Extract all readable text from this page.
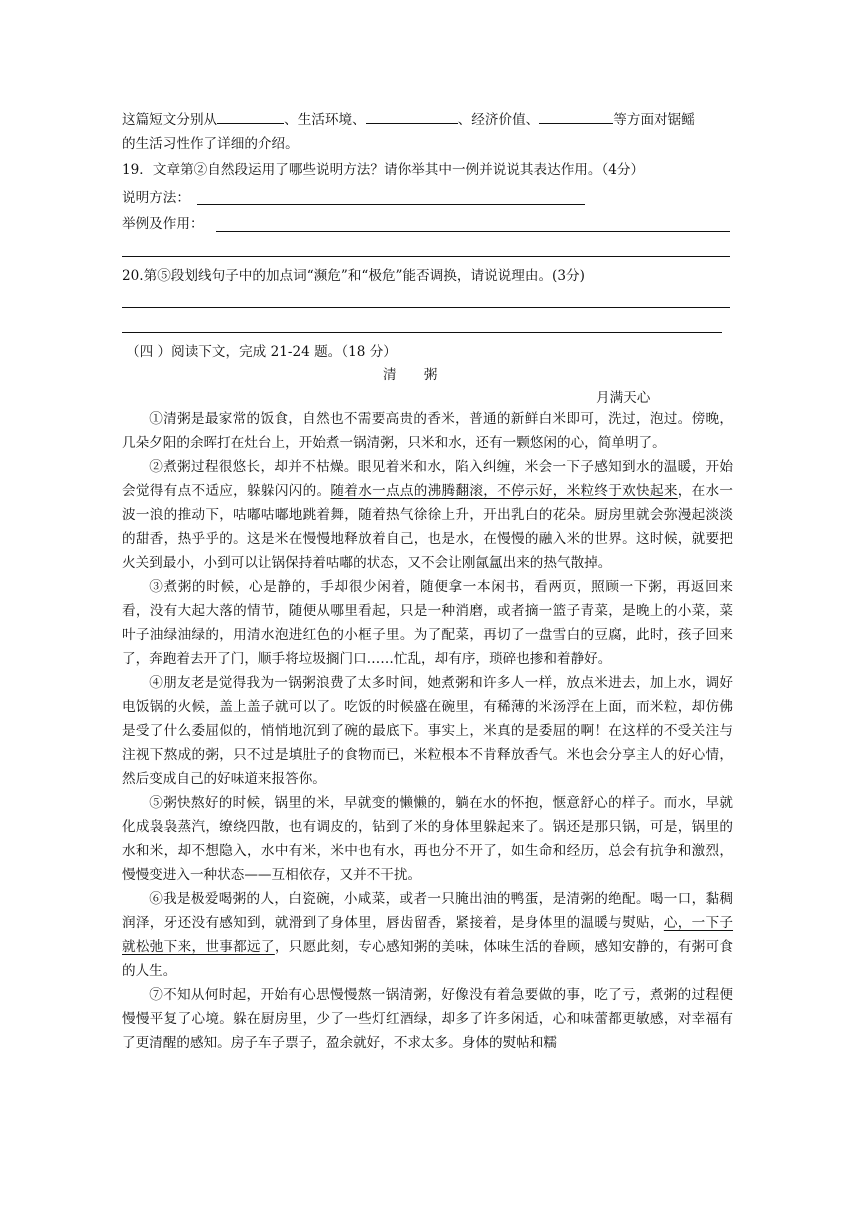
这篇短文分别从	、生活环境、	、经济价值、	等方面对锯鳐
的生活习性作了详细的介绍。
19．文章第②自然段运用了哪些说明方法？请你举其中一例并说说其表达作用。（4分）
说明方法：
举例及作用：
20.第⑤段划线句子中的加点词“濒危”和“极危”能否调换，请说说理由。(3分)
（四 ）阅读下文，完成 21-24 题。（18 分）
清　　粥
月满天心

①清粥是最家常的饭食，自然也不需要高贵的香米，普通的新鲜白米即可，洗过，泡过。傍晚，几朵夕阳的余晖打在灶台上，开始煮一锅清粥，只米和水，还有一颗悠闲的心，简单明了。

②煮粥过程很悠长，却并不枯燥。眼见着米和水，陷入纠缠，米会一下子感知到水的温暖，开始会觉得有点不适应，躲躲闪闪的。随着水一点点的沸腾翻滚，不停示好，米粒终于欢快起来，在水一波一浪的推动下，咕嘟咕嘟地跳着舞，随着热气徐徐上升，开出乳白的花朵。厨房里就会弥漫起淡淡的甜香，热乎乎的。这是米在慢慢地释放着自己，也是水，在慢慢的融入米的世界。这时候，就要把火关到最小，小到可以让锅保持着咕嘟的状态，又不会让刚氤氲出来的热气散掉。

③煮粥的时候，心是静的，手却很少闲着，随便拿一本闲书，看两页，照顾一下粥，再返回来看，没有大起大落的情节，随便从哪里看起，只是一种消磨，或者摘一篮子青菜，是晚上的小菜，菜叶子油绿油绿的，用清水泡进红色的小框子里。为了配菜，再切了一盘雪白的豆腐，此时，孩子回来了，奔跑着去开了门，顺手将垃圾搁门口……忙乱，却有序，琐碎也掺和着静好。

④朋友老是觉得我为一锅粥浪费了太多时间，她煮粥和许多人一样，放点米进去，加上水，调好电饭锅的火候，盖上盖子就可以了。吃饭的时候盛在碗里，有稀薄的米汤浮在上面，而米粒，却仿佛是受了什么委屈似的，悄悄地沉到了碗的最底下。事实上，米真的是委屈的啊！在这样的不受关注与注视下熬成的粥，只不过是填肚子的食物而已，米粒根本不肯释放香气。米也会分享主人的好心情，然后变成自己的好味道来报答你。

⑤粥快熬好的时候，锅里的米，早就变的懒懒的，躺在水的怀抱，惬意舒心的样子。而水，早就化成袅袅蒸汽，缭绕四散，也有调皮的，钻到了米的身体里躲起来了。锅还是那只锅，可是，锅里的水和米，却不想隐入，水中有米，米中也有水，再也分不开了，如生命和经历，总会有抗争和激烈，慢慢变进入一种状态——互相依存，又并不干扰。

⑥我是极爱喝粥的人，白瓷碗，小咸菜，或者一只腌出油的鸭蛋，是清粥的绝配。喝一口，黏稠润泽，牙还没有感知到，就滑到了身体里，唇齿留香，紧接着，是身体里的温暖与熨贴，心，一下子就松弛下来，世事都远了，只愿此刻，专心感知粥的美味，体味生活的眷顾，感知安静的，有粥可食的人生。

⑦不知从何时起，开始有心思慢慢熬一锅清粥，好像没有着急要做的事，吃了亏，煮粥的过程便慢慢平复了心境。躲在厨房里，少了一些灯红酒绿，却多了许多闲适，心和味蕾都更敏感，对幸福有了更清醒的感知。房子车子票子，盈余就好，不求太多。身体的熨帖和糯
